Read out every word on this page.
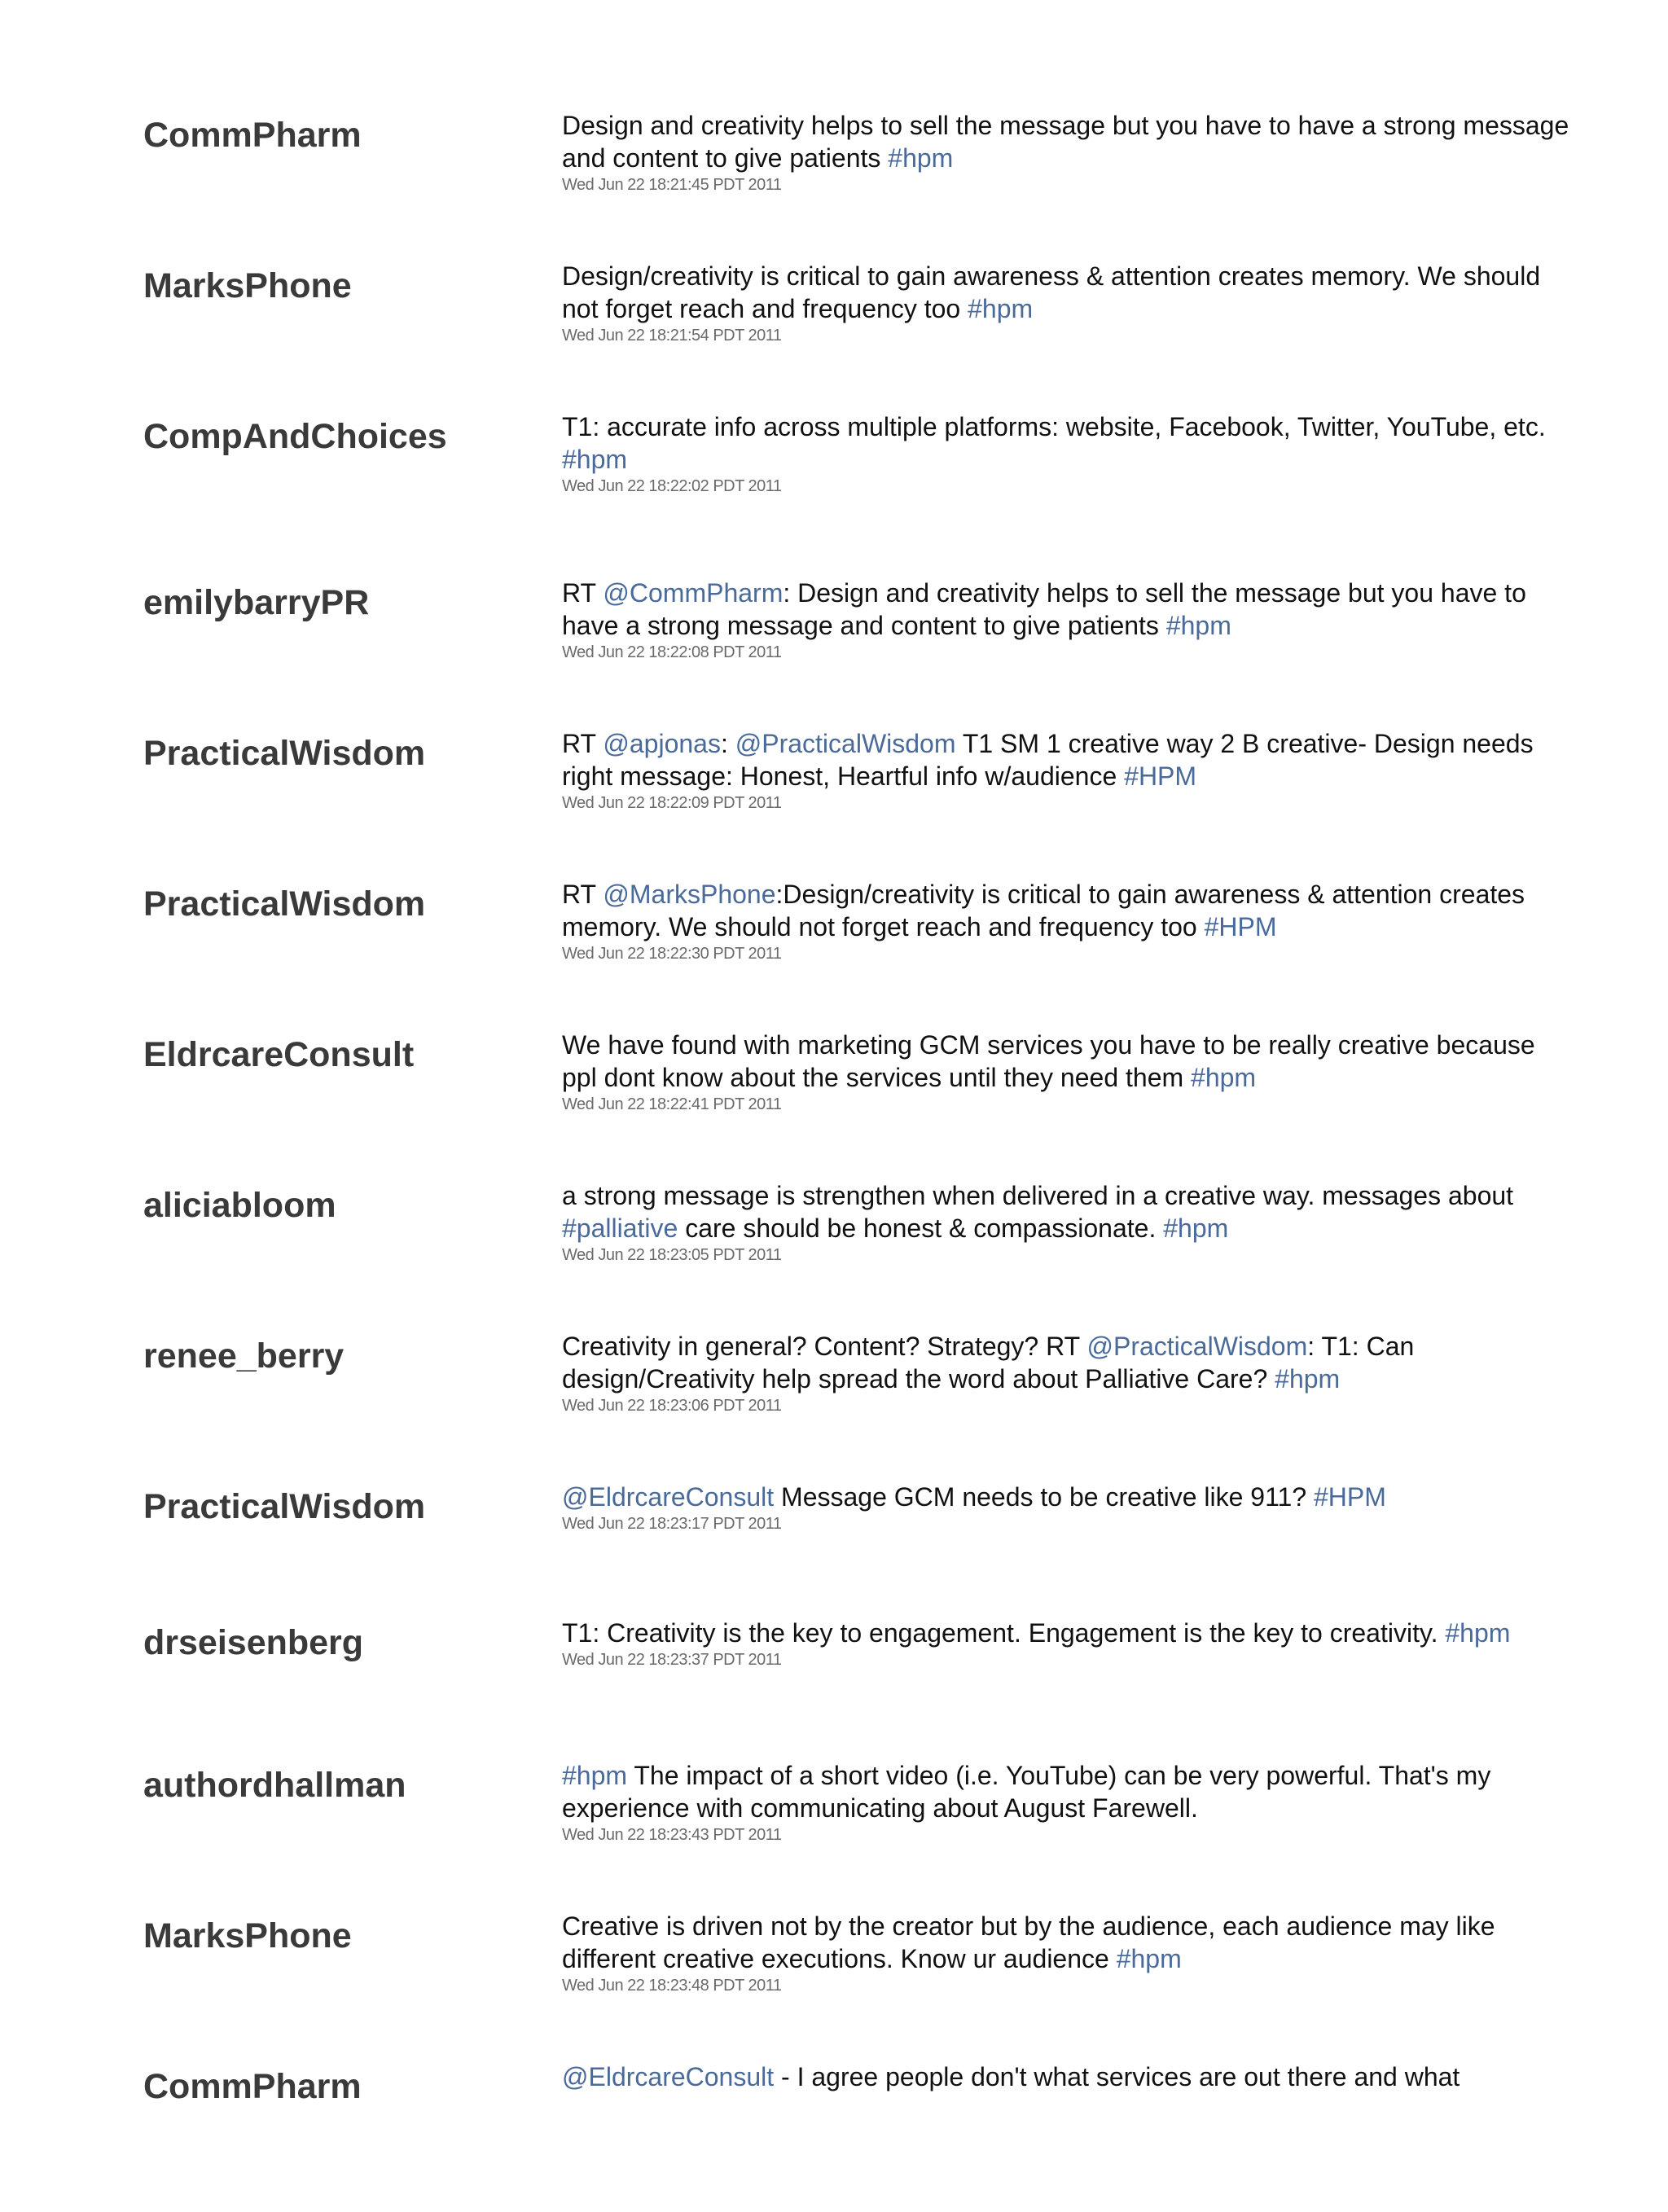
CommPharm	Design and creativity helps to sell the message but you have to have a strong message and content to give patients #hpm
Wed Jun 22 18:21:45 PDT 2011
MarksPhone	Design/creativity is critical to gain awareness & attention creates memory. We should not forget reach and frequency too #hpm
Wed Jun 22 18:21:54 PDT 2011
CompAndChoices	T1: accurate info across multiple platforms: website, Facebook, Twitter, YouTube, etc. #hpm
Wed Jun 22 18:22:02 PDT 2011
emilybarryPR	RT @CommPharm: Design and creativity helps to sell the message but you have to have a strong message and content to give patients #hpm
Wed Jun 22 18:22:08 PDT 2011
PracticalWisdom	RT @apjonas: @PracticalWisdom T1 SM 1 creative way 2 B creative- Design needs right message: Honest, Heartful info w/audience #HPM
Wed Jun 22 18:22:09 PDT 2011
PracticalWisdom	RT @MarksPhone:Design/creativity is critical to gain awareness & attention creates memory. We should not forget reach and frequency too #HPM
Wed Jun 22 18:22:30 PDT 2011
EldrcareConsult	We have found with marketing GCM services you have to be really creative because ppl dont know about the services until they need them #hpm
Wed Jun 22 18:22:41 PDT 2011
aliciabloom	a strong message is strengthen when delivered in a creative way. messages about #palliative care should be honest & compassionate. #hpm
Wed Jun 22 18:23:05 PDT 2011
renee_berry	Creativity in general? Content? Strategy? RT @PracticalWisdom: T1: Can design/Creativity help spread the word about Palliative Care? #hpm
Wed Jun 22 18:23:06 PDT 2011
PracticalWisdom	@EldrcareConsult Message GCM needs to be creative like 911? #HPM
Wed Jun 22 18:23:17 PDT 2011
drseisenberg	T1: Creativity is the key to engagement. Engagement is the key to creativity. #hpm
Wed Jun 22 18:23:37 PDT 2011
authordhallman	#hpm The impact of a short video (i.e. YouTube) can be very powerful. That's my experience with communicating about August Farewell.
Wed Jun 22 18:23:43 PDT 2011
MarksPhone	Creative is driven not by the creator but by the audience, each audience may like different creative executions. Know ur audience #hpm
Wed Jun 22 18:23:48 PDT 2011
CommPharm	@EldrcareConsult - I agree people don't what services are out there and what
